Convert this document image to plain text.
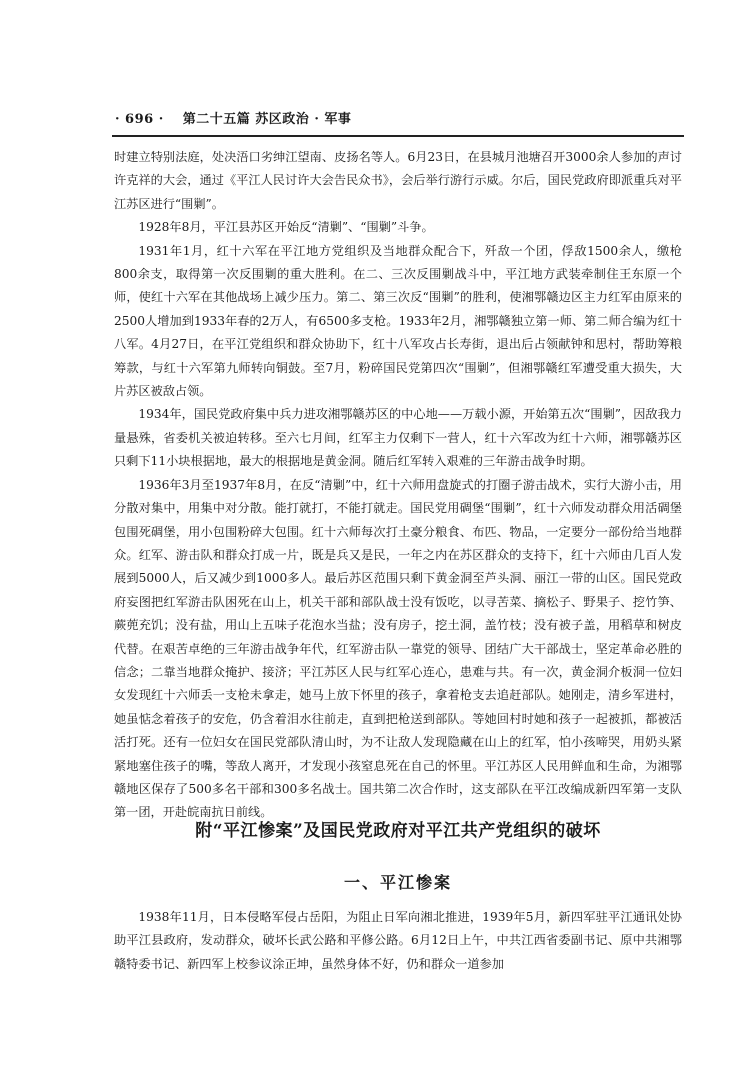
· 696 · 第二十五篇 苏区政治 · 军事

时建立特别法庭，处决浯口劣绅江望南、皮扬名等人。6月23日，在县城月池塘召开3000余人参加的声讨许克祥的大会，通过《平江人民讨许大会告民众书》，会后举行游行示威。尔后，国民党政府即派重兵对平江苏区进行“围剿”。

1928年8月，平江县苏区开始反“清剿”、“围剿”斗争。

1931年1月，红十六军在平江地方党组织及当地群众配合下，歼敌一个团，俘敌1500余人，缴枪800余支，取得第一次反围剿的重大胜利。在二、三次反围剿战斗中，平江地方武装牵制住王东原一个师，使红十六军在其他战场上减少压力。第二、第三次反“围剿”的胜利，使湘鄂赣边区主力红军由原来的2500人增加到1933年春的2万人，有6500多支枪。1933年2月，湘鄂赣独立第一师、第二师合编为红十八军。4月27日，在平江党组织和群众协助下，红十八军攻占长寿街，退出后占领献钟和思村，帮助筹粮筹款，与红十六军第九师转向铜鼓。至7月，粉碎国民党第四次“围剿”，但湘鄂赣红军遭受重大损失，大片苏区被敌占领。

1934年，国民党政府集中兵力进攻湘鄂赣苏区的中心地——万载小源，开始第五次“围剿”，因敌我力量悬殊，省委机关被迫转移。至六七月间，红军主力仅剩下一营人，红十六军改为红十六师，湘鄂赣苏区只剩下11小块根据地，最大的根据地是黄金洞。随后红军转入艰难的三年游击战争时期。

1936年3月至1937年8月，在反“清剿”中，红十六师用盘旋式的打圈子游击战术，实行大游小击，用分散对集中，用集中对分散。能打就打，不能打就走。国民党用碉堡“围剿”，红十六师发动群众用活碉堡包围死碉堡，用小包围粉碎大包围。红十六师每次打土豪分粮食、布匹、物品，一定要分一部份给当地群众。红军、游击队和群众打成一片，既是兵又是民，一年之内在苏区群众的支持下，红十六师由几百人发展到5000人，后又减少到1000多人。最后苏区范围只剩下黄金洞至芦头洞、丽江一带的山区。国民党政府妄图把红军游击队困死在山上，机关干部和部队战士没有饭吃，以寻苦菜、摘松子、野果子、挖竹笋、蕨蔸充饥；没有盐，用山上五味子花泡水当盐；没有房子，挖土洞，盖竹枝；没有被子盖，用稻草和树皮代替。在艰苦卓绝的三年游击战争年代，红军游击队一靠党的领导、团结广大干部战士，坚定革命必胜的信念；二靠当地群众掩护、接济；平江苏区人民与红军心连心，患难与共。有一次，黄金洞介板洞一位妇女发现红十六师丢一支枪未拿走，她马上放下怀里的孩子，拿着枪支去追赶部队。她刚走，清乡军进村，她虽惦念着孩子的安危，仍含着泪水往前走，直到把枪送到部队。等她回村时她和孩子一起被抓，都被活活打死。还有一位妇女在国民党部队清山时，为不让敌人发现隐藏在山上的红军，怕小孩啼哭，用奶头紧紧地塞住孩子的嘴，等敌人离开，才发现小孩窒息死在自己的怀里。平江苏区人民用鲜血和生命，为湘鄂赣地区保存了500多名干部和300多名战士。国共第二次合作时，这支部队在平江改编成新四军第一支队第一团，开赴皖南抗日前线。

附“平江惨案”及国民党政府对平江共产党组织的破坏
一、平江惨案

1938年11月，日本侵略军侵占岳阳，为阻止日军向湘北推进，1939年5月，新四军驻平江通讯处协助平江县政府，发动群众，破坏长武公路和平修公路。6月12日上午，中共江西省委副书记、原中共湘鄂赣特委书记、新四军上校参议涂正坤，虽然身体不好，仍和群众一道参加
